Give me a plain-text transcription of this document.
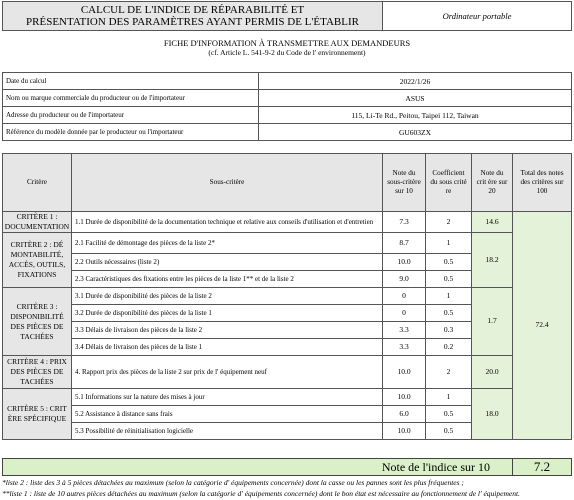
CALCUL DE L'INDICE DE RÉPARABILITÉ ET
PRÉSENTATION DES PARAMÈTRES AYANT PERMIS DE L'ÉTABLIR	Ordinateur portable
FICHE D'INFORMATION À TRANSMETTRE AUX DEMANDEURS
(cf. Article L. 541-9-2 du Code de l' environnement)
Date du calcul	2022/1/26
Nom ou marque commerciale du producteur ou de l'importateur	ASUS
Adresse du producteur ou de l'importateur	115, Li-Te Rd., Peitou, Taipei 112, Taiwan
Référence du modèle donnée par le producteur ou l'importateur	GU603ZX
Critère	Sous-critère	Note du sous-critère sur 10	Coefficient du sous crité re	Note du crit ère sur 20	Total des notes des critères sur 100
CRITÈRE 1 : DOCUMENTATION	1.1 Durée de disponibilité de la documentation technique et relative aux conseils d'utilisation et d'entretien	7.3	2	14.6	72.4
CRITÈRE 2 : DÉ MONTABILITÉ, ACCÈS, OUTILS, FIXATIONS	2.1 Facilité de démontage des pièces de la liste 2*	8.7	1	18.2	
	2.2 Outils nécessaires (liste 2)	10.0	0.5		
	2.3 Caractéristiques des fixations entre les pièces de la liste 1** et de la liste 2	9.0	0.5		
CRITÈRE 3 : DISPONIBILITÉ DES PIÈCES DE TACHÉES	3.1 Durée de disponibilité des pièces de la liste 2	0	1	1.7	
	3.2 Durée de disponibilité des pièces de la liste 1	0	0.5		
	3.3 Délais de livraison des pièces de la liste 2	3.3	0.3		
	3.4 Délais de livraison des pièces de la liste 1	3.3	0.2		
CRITÈRE 4 : PRIX DES PIÈCES DE TACHÉES	4. Rapport prix des pièces de la liste 2 sur prix de l' équipement neuf	10.0	2	20.0	
CRITÈRE 5 : CRIT ÈRE SPÉCIFIQUE	5.1 Informations sur la nature des mises à jour	10.0	1	18.0	
	5.2 Assistance à distance sans frais	6.0	0.5		
	5.3 Possibilité de réinitialisation logicielle	10.0	0.5		
Note de l'indice sur 10	7.2
*liste 2 : liste des 3 à 5 pièces détachées au maximum (selon la catégorie d' équipements concernée) dont la casse ou les pannes sont les plus fréquentes ;
**liste 1 : liste de 10 autres pièces détachées au maximum (selon la catégorie d' équipements concernée) dont le bon état est nécessaire au fonctionnement de l' équipement.
